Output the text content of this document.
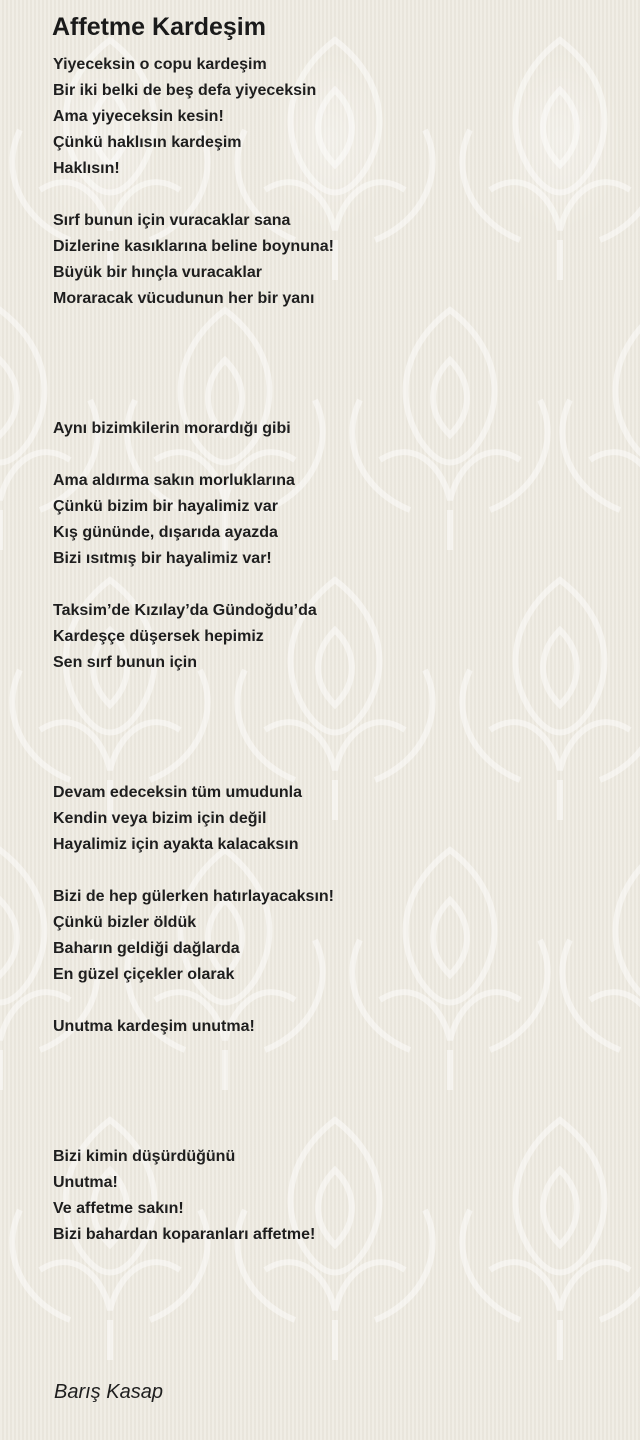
Affetme Kardeşim
Yiyeceksin o copu kardeşim
Bir iki belki de beş defa yiyeceksin
Ama yiyeceksin kesin!
Çünkü haklısın kardeşim
Haklısın!
Sırf bunun için vuracaklar sana
Dizlerine kasıklarına beline boynuna!
Büyük bir hınçla vuracaklar
Moraracak vücudunun her bir yanı
Aynı bizimkilerin morardığı gibi
Ama aldırma sakın morluklarına
Çünkü bizim bir hayalimiz var
Kış gününde, dışarıda ayazda
Bizi ısıtmış bir hayalimiz var!
Taksim’de Kızılay’da Gündoğdu’da
Kardeşçe düşersek hepimiz
Sen sırf bunun için
Devam edeceksin tüm umudunla
Kendin veya bizim için değil
Hayalimiz için ayakta kalacaksın
Bizi de hep gülerken hatırlayacaksın!
Çünkü bizler öldük
Baharın geldiği dağlarda
En güzel çiçekler olarak
Unutma kardeşim unutma!
Bizi kimin düşürdüğünü
Unutma!
Ve affetme sakın!
Bizi bahardan koparanları affetme!
Barış Kasap
